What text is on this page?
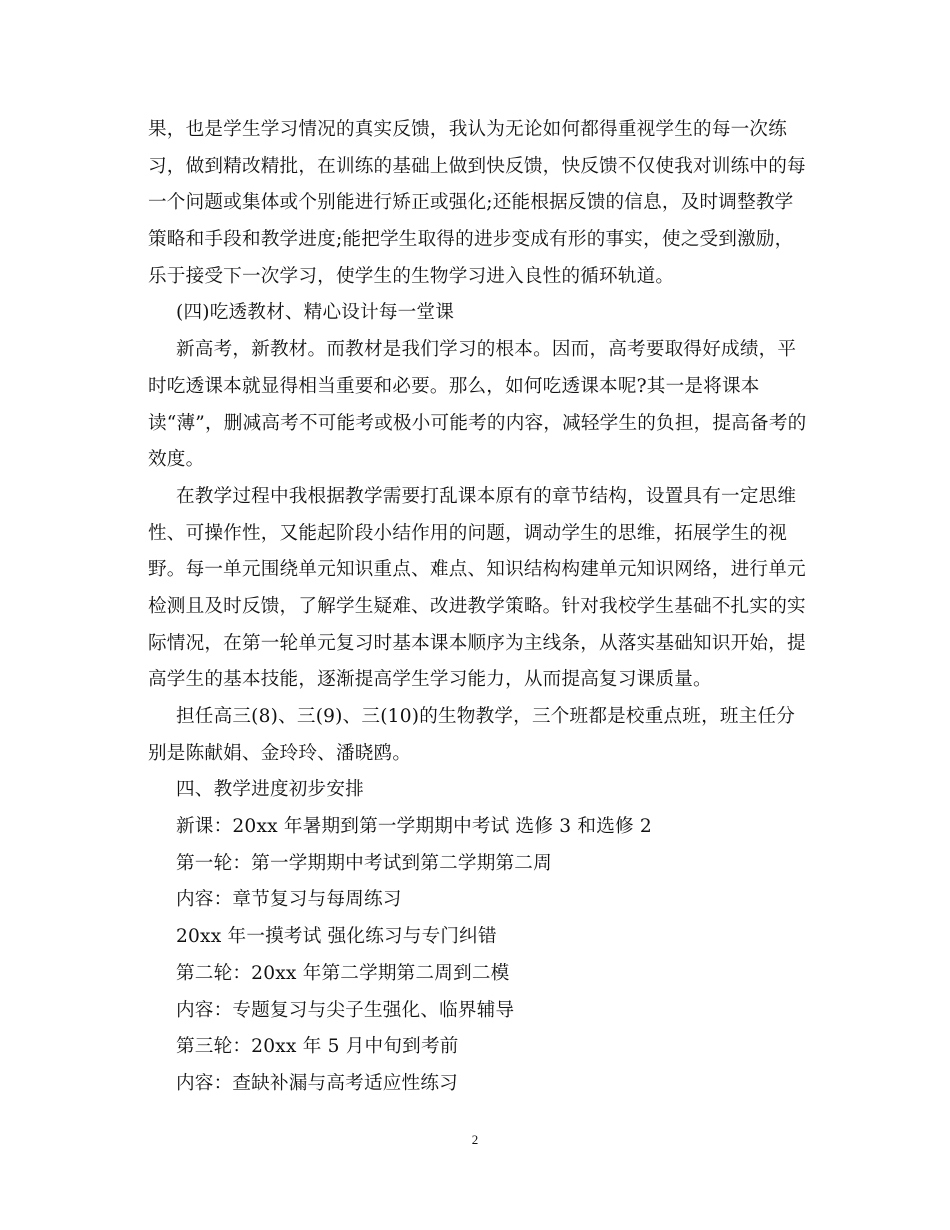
果，也是学生学习情况的真实反馈，我认为无论如何都得重视学生的每一次练
习，做到精改精批，在训练的基础上做到快反馈，快反馈不仅使我对训练中的每
一个问题或集体或个别能进行矫正或强化;还能根据反馈的信息，及时调整教学
策略和手段和教学进度;能把学生取得的进步变成有形的事实，使之受到激励，
乐于接受下一次学习，使学生的生物学习进入良性的循环轨道。
(四)吃透教材、精心设计每一堂课
新高考，新教材。而教材是我们学习的根本。因而，高考要取得好成绩，平
时吃透课本就显得相当重要和必要。那么，如何吃透课本呢?其一是将课本
读“薄”，删减高考不可能考或极小可能考的内容，减轻学生的负担，提高备考的
效度。
在教学过程中我根据教学需要打乱课本原有的章节结构，设置具有一定思维
性、可操作性，又能起阶段小结作用的问题，调动学生的思维，拓展学生的视
野。每一单元围绕单元知识重点、难点、知识结构构建单元知识网络，进行单元
检测且及时反馈，了解学生疑难、改进教学策略。针对我校学生基础不扎实的实
际情况，在第一轮单元复习时基本课本顺序为主线条，从落实基础知识开始，提
高学生的基本技能，逐渐提高学生学习能力，从而提高复习课质量。
担任高三(8)、三(9)、三(10)的生物教学，三个班都是校重点班，班主任分
别是陈献娟、金玲玲、潘晓鸥。
四、教学进度初步安排
新课：20xx 年暑期到第一学期期中考试 选修 3 和选修 2
第一轮：第一学期期中考试到第二学期第二周
内容：章节复习与每周练习
20xx 年一摸考试 强化练习与专门纠错
第二轮：20xx 年第二学期第二周到二模
内容：专题复习与尖子生强化、临界辅导
第三轮：20xx 年 5 月中旬到考前
内容：查缺补漏与高考适应性练习
2
